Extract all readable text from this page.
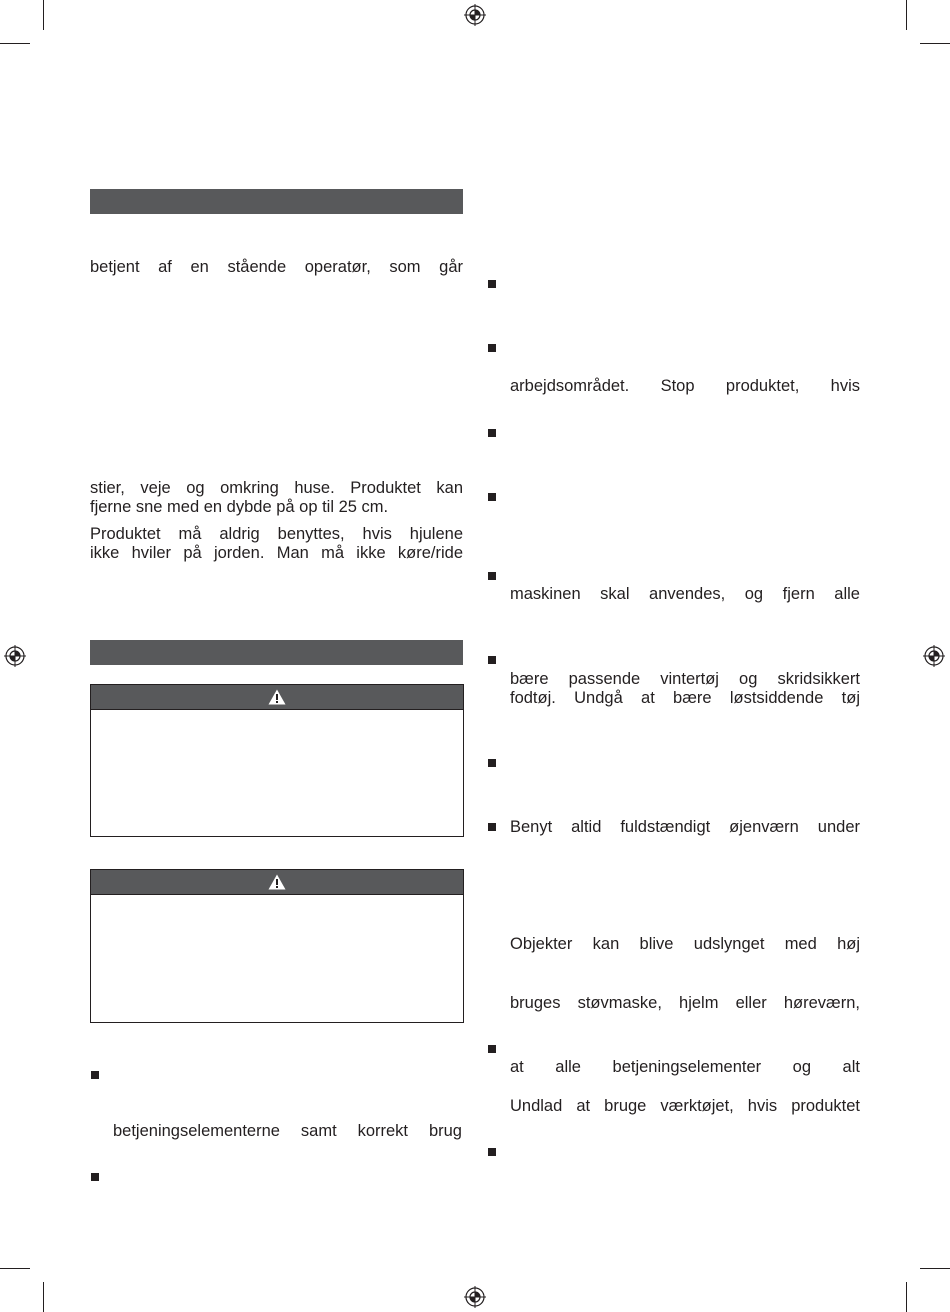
betjent af en stående operatør, som går
stier, veje og omkring huse. Produktet kan
fjerne sne med en dybde på op til 25 cm.
Produktet må aldrig benyttes, hvis hjulene
ikke hviler på jorden. Man må ikke køre/ride
betjeningselementerne samt korrekt brug
arbejdsområdet. Stop produktet, hvis
maskinen skal anvendes, og fjern alle
bære passende vintertøj og skridsikkert
fodtøj. Undgå at bære løstsiddende tøj
Benyt altid fuldstændigt øjenværn under
Objekter kan blive udslynget med høj
bruges støvmaske, hjelm eller høreværn,
at alle betjeningselementer og alt
Undlad at bruge værktøjet, hvis produktet
